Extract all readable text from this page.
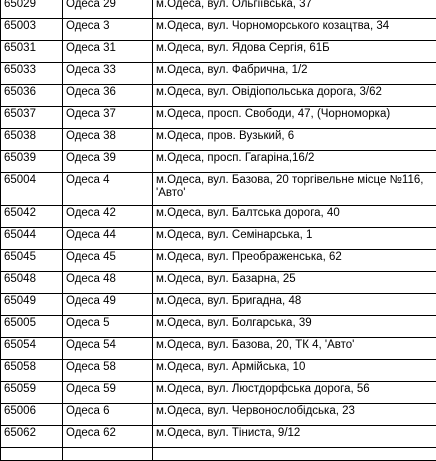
65029	Одеса 29	м.Одеса, вул. Ольгіївська, 37
65003	Одеса 3	м.Одеса, вул. Чорноморського козацтва, 34
65031	Одеса 31	м.Одеса, вул. Ядова Сергія, 61Б
65033	Одеса 33	м.Одеса, вул. Фабрична, 1/2
65036	Одеса 36	м.Одеса, вул. Овідіопольська дорога, 3/62
65037	Одеса 37	м.Одеса, просп. Свободи, 47, (Чорноморка)
65038	Одеса 38	м.Одеса, пров. Вузький, 6
65039	Одеса 39	м.Одеса, просп. Гагаріна,16/2
65004	Одеса 4	м.Одеса, вул. Базова, 20 торгівельне місце №116, 'Авто'
65042	Одеса 42	м.Одеса, вул. Балтська дорога, 40
65044	Одеса 44	м.Одеса, вул. Семінарська, 1
65045	Одеса 45	м.Одеса, вул. Преображенська, 62
65048	Одеса 48	м.Одеса, вул. Базарна, 25
65049	Одеса 49	м.Одеса, вул. Бригадна, 48
65005	Одеса 5	м.Одеса, вул. Болгарська, 39
65054	Одеса 54	м.Одеса, вул. Базова, 20, ТК 4, 'Авто'
65058	Одеса 58	м.Одеса, вул. Армійська, 10
65059	Одеса 59	м.Одеса, вул. Люстдорфська дорога, 56
65006	Одеса 6	м.Одеса, вул. Червонослобідська, 23
65062	Одеса 62	м.Одеса, вул. Тіниста, 9/12
